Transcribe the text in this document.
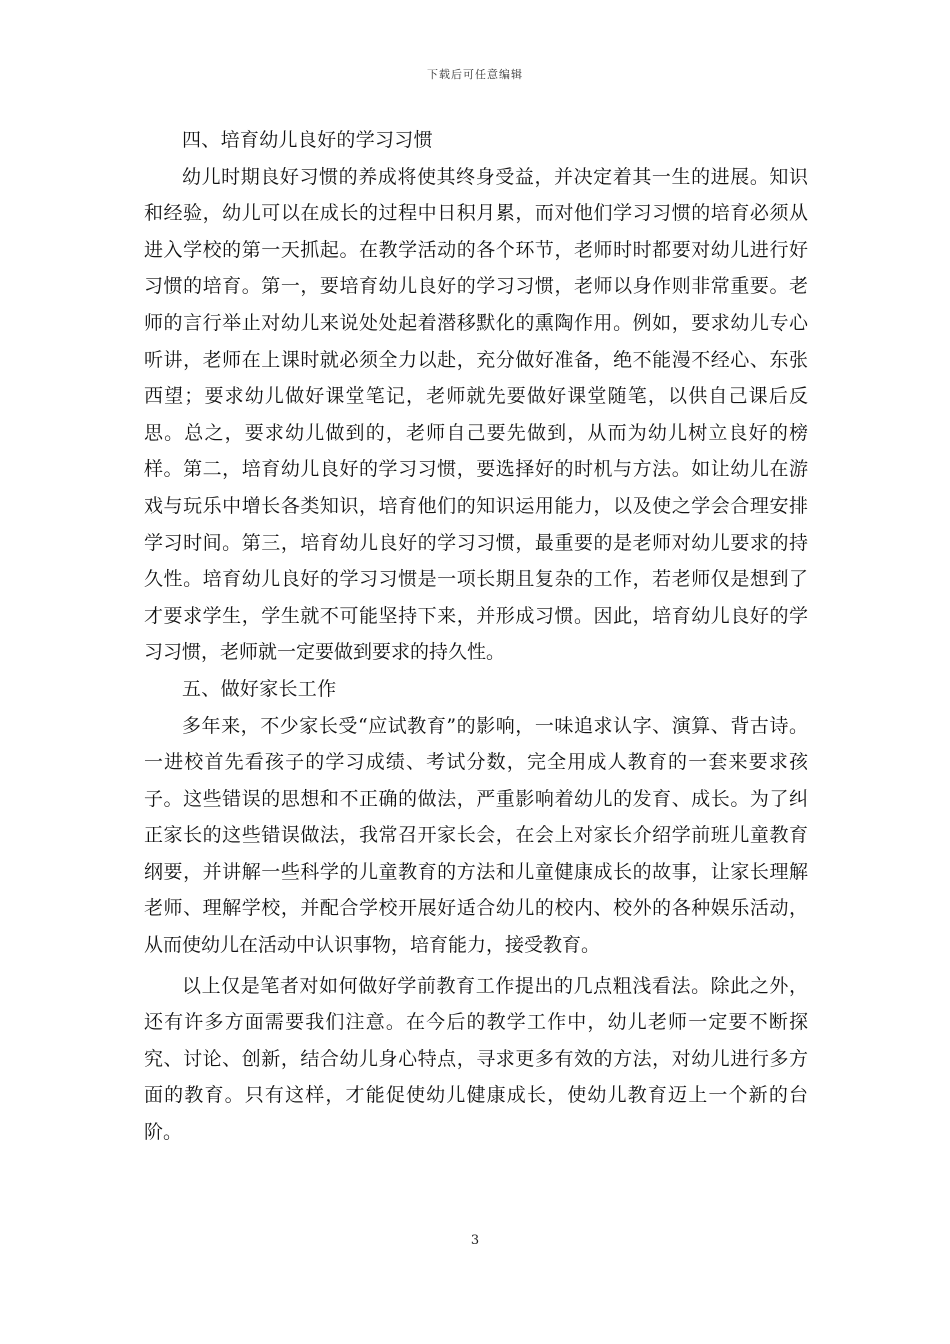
下载后可任意编辑

四、培育幼儿良好的学习习惯

幼儿时期良好习惯的养成将使其终身受益，并决定着其一生的进展。知识和经验，幼儿可以在成长的过程中日积月累，而对他们学习习惯的培育必须从进入学校的第一天抓起。在教学活动的各个环节，老师时时都要对幼儿进行好习惯的培育。第一，要培育幼儿良好的学习习惯，老师以身作则非常重要。老师的言行举止对幼儿来说处处起着潜移默化的熏陶作用。例如，要求幼儿专心听讲，老师在上课时就必须全力以赴，充分做好准备，绝不能漫不经心、东张西望；要求幼儿做好课堂笔记，老师就先要做好课堂随笔，以供自己课后反思。总之，要求幼儿做到的，老师自己要先做到，从而为幼儿树立良好的榜样。第二，培育幼儿良好的学习习惯，要选择好的时机与方法。如让幼儿在游戏与玩乐中增长各类知识，培育他们的知识运用能力，以及使之学会合理安排学习时间。第三，培育幼儿良好的学习习惯，最重要的是老师对幼儿要求的持久性。培育幼儿良好的学习习惯是一项长期且复杂的工作，若老师仅是想到了才要求学生，学生就不可能坚持下来，并形成习惯。因此，培育幼儿良好的学习习惯，老师就一定要做到要求的持久性。

五、做好家长工作

多年来，不少家长受“应试教育”的影响，一味追求认字、演算、背古诗。一进校首先看孩子的学习成绩、考试分数，完全用成人教育的一套来要求孩子。这些错误的思想和不正确的做法，严重影响着幼儿的发育、成长。为了纠正家长的这些错误做法，我常召开家长会，在会上对家长介绍学前班儿童教育纲要，并讲解一些科学的儿童教育的方法和儿童健康成长的故事，让家长理解老师、理解学校，并配合学校开展好适合幼儿的校内、校外的各种娱乐活动，从而使幼儿在活动中认识事物，培育能力，接受教育。

以上仅是笔者对如何做好学前教育工作提出的几点粗浅看法。除此之外，还有许多方面需要我们注意。在今后的教学工作中，幼儿老师一定要不断探究、讨论、创新，结合幼儿身心特点，寻求更多有效的方法，对幼儿进行多方面的教育。只有这样，才能促使幼儿健康成长，使幼儿教育迈上一个新的台阶。

3
